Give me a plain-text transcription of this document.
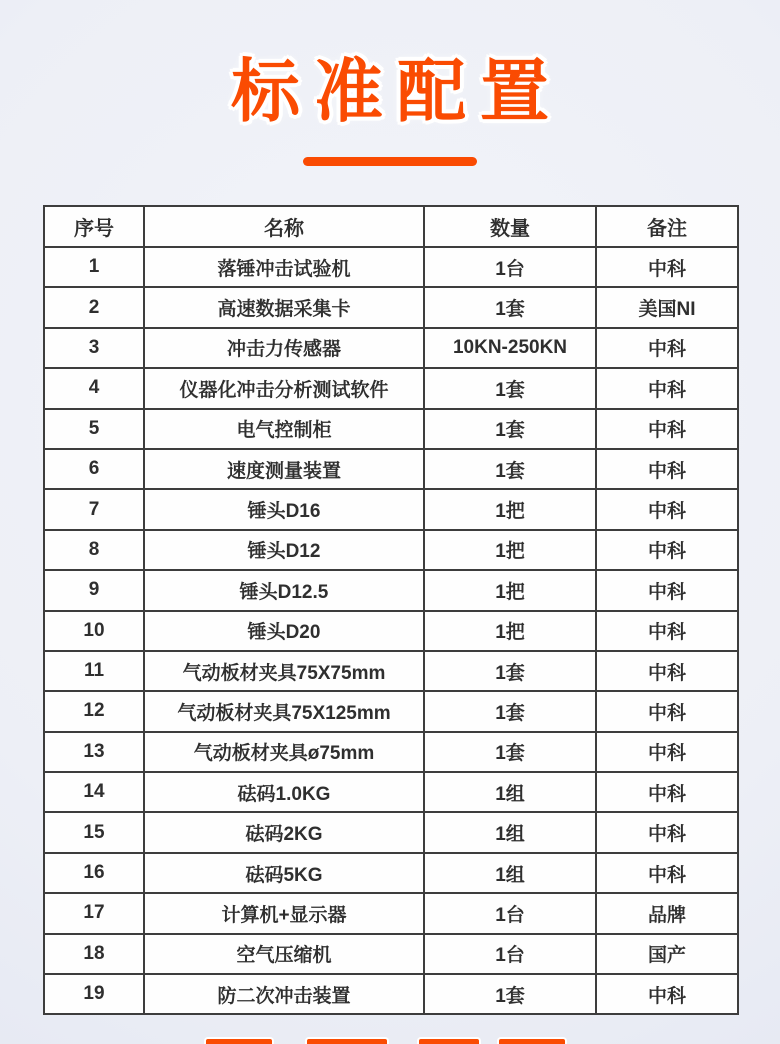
标准配置
序号	名称	数量	备注
1	落锤冲击试验机	1台	中科
2	高速数据采集卡	1套	美国NI
3	冲击力传感器	10KN-250KN	中科
4	仪器化冲击分析测试软件	1套	中科
5	电气控制柜	1套	中科
6	速度测量装置	1套	中科
7	锤头D16	1把	中科
8	锤头D12	1把	中科
9	锤头D12.5	1把	中科
10	锤头D20	1把	中科
11	气动板材夹具75X75mm	1套	中科
12	气动板材夹具75X125mm	1套	中科
13	气动板材夹具ø75mm	1套	中科
14	砝码1.0KG	1组	中科
15	砝码2KG	1组	中科
16	砝码5KG	1组	中科
17	计算机+显示器	1台	品牌
18	空气压缩机	1台	国产
19	防二次冲击装置	1套	中科
